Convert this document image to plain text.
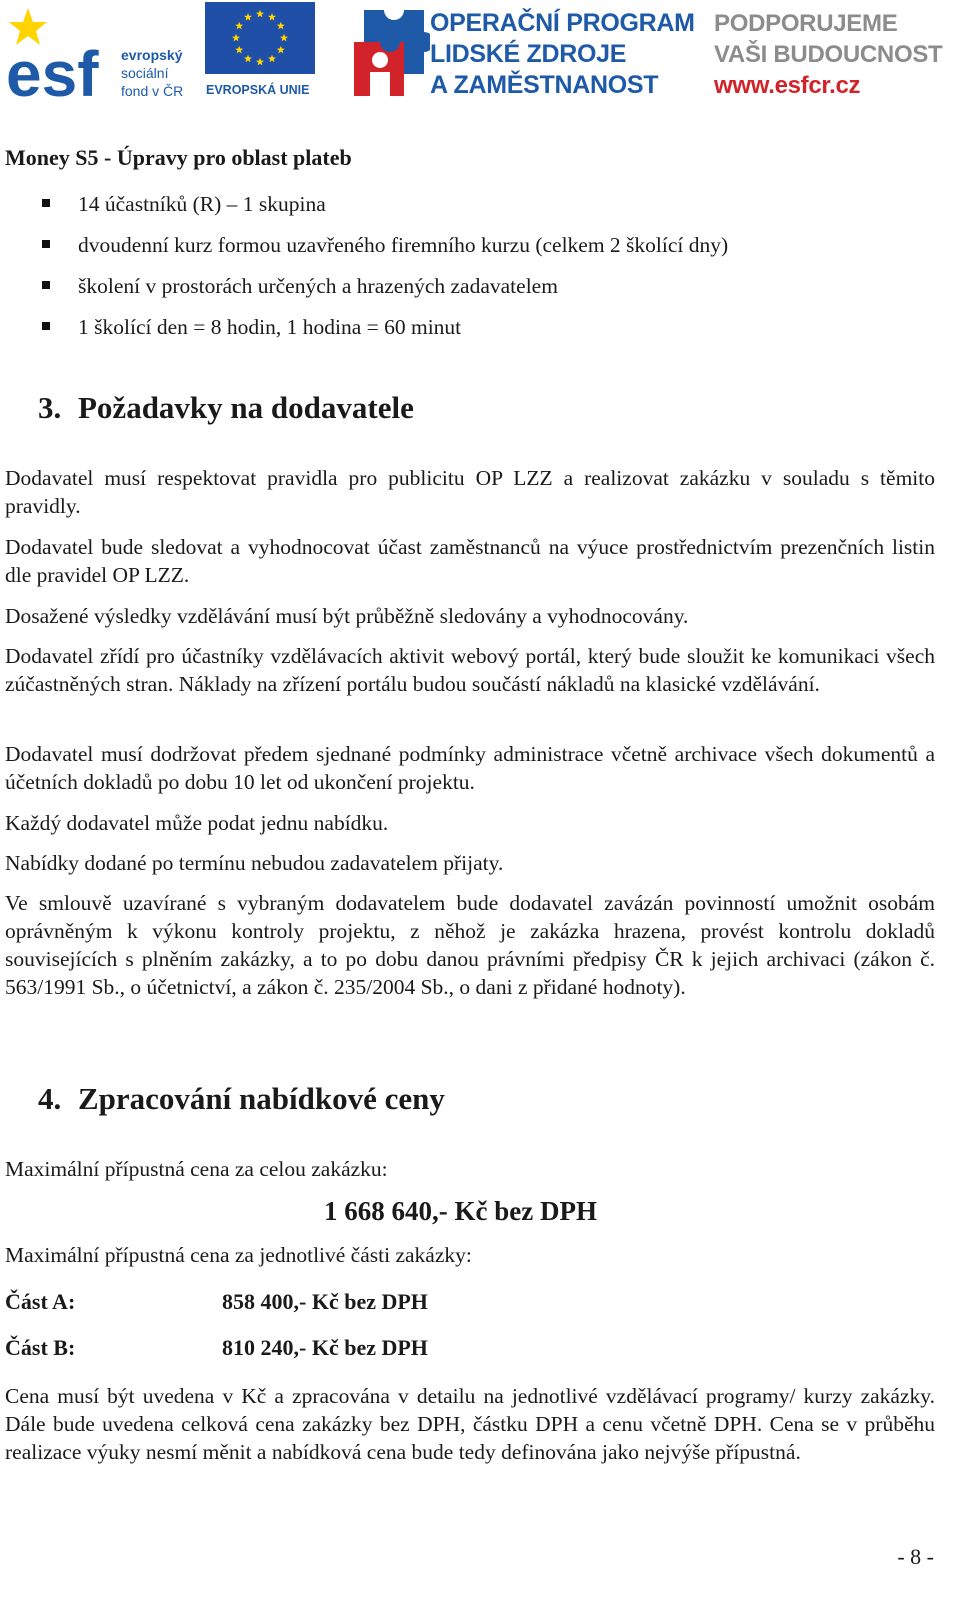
esf evropský
sociální
fond v ČR EVROPSKÁ UNIE
OPERAČNÍ PROGRAM
LIDSKÉ ZDROJE
A ZAMĚSTNANOST
PODPORUJEME
VAŠI BUDOUCNOST
www.esfcr.cz
Money S5 - Úpravy pro oblast plateb
14 účastníků (R) – 1 skupina
dvoudenní kurz formou uzavřeného firemního kurzu (celkem 2 školící dny)
školení v prostorách určených a hrazených zadavatelem
1 školící den = 8 hodin, 1 hodina = 60 minut
3. Požadavky na dodavatele
Dodavatel musí respektovat pravidla pro publicitu OP LZZ a realizovat zakázku v souladu s těmito pravidly.
Dodavatel bude sledovat a vyhodnocovat účast zaměstnanců na výuce prostřednictvím prezenčních listin dle pravidel OP LZZ.
Dosažené výsledky vzdělávání musí být průběžně sledovány a vyhodnocovány.
Dodavatel zřídí pro účastníky vzdělávacích aktivit webový portál, který bude sloužit ke komunikaci všech zúčastněných stran. Náklady na zřízení portálu budou součástí nákladů na klasické vzdělávání.
Dodavatel musí dodržovat předem sjednané podmínky administrace včetně archivace všech dokumentů a účetních dokladů po dobu 10 let od ukončení projektu.
Každý dodavatel může podat jednu nabídku.
Nabídky dodané po termínu nebudou zadavatelem přijaty.
Ve smlouvě uzavírané s vybraným dodavatelem bude dodavatel zavázán povinností umožnit osobám oprávněným k výkonu kontroly projektu, z něhož je zakázka hrazena, provést kontrolu dokladů souvisejících s plněním zakázky, a to po dobu danou právními předpisy ČR k jejich archivaci (zákon č. 563/1991 Sb., o účetnictví, a zákon č. 235/2004 Sb., o dani z přidané hodnoty).
4. Zpracování nabídkové ceny
Maximální přípustná cena za celou zakázku:
1 668 640,- Kč bez DPH
Maximální přípustná cena za jednotlivé části zakázky:
Část A:	858 400,- Kč bez DPH
Část B:	810 240,- Kč bez DPH
Cena musí být uvedena v Kč a zpracována v detailu na jednotlivé vzdělávací programy/ kurzy zakázky. Dále bude uvedena celková cena zakázky bez DPH, částku DPH a cenu včetně DPH. Cena se v průběhu realizace výuky nesmí měnit a nabídková cena bude tedy definována jako nejvýše přípustná.
- 8 -
